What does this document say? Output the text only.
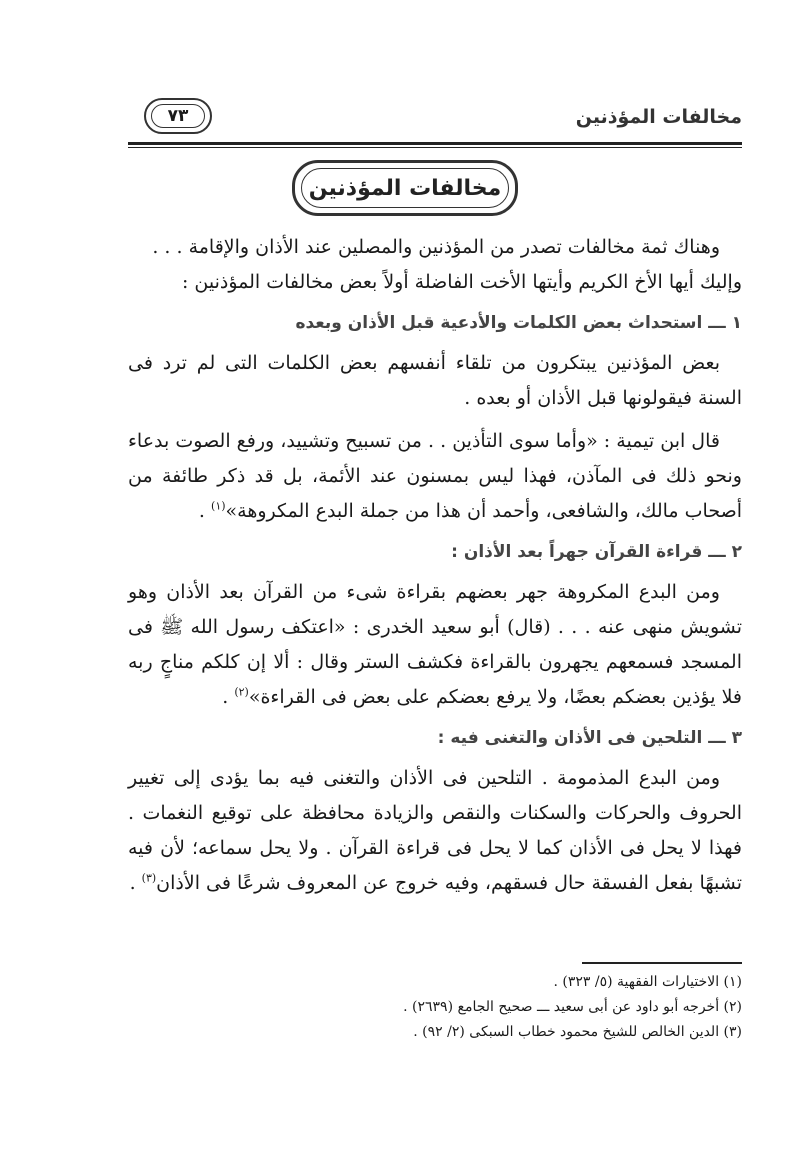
مخالفات المؤذنين
٧٣
مخالفات المؤذنين

وهناك ثمة مخالفات تصدر من المؤذنين والمصلين عند الأذان والإقامة . . .

وإليك أيها الأخ الكريم وأيتها الأخت الفاضلة أولاً بعض مخالفات المؤذنين :

١ ـــ استحداث بعض الكلمات والأدعية قبل الأذان وبعده

بعض المؤذنين يبتكرون من تلقاء أنفسهم بعض الكلمات التى لم ترد فى السنة فيقولونها قبل الأذان أو بعده .

قال ابن تيمية : «وأما سوى التأذين . . من تسبيح وتشييد، ورفع الصوت بدعاء ونحو ذلك فى المآذن، فهذا ليس بمسنون عند الأئمة، بل قد ذكر طائفة من أصحاب مالك، والشافعى، وأحمد أن هذا من جملة البدع المكروهة»$^{(١)}$ .

٢ ـــ قراءة القرآن جهراً بعد الأذان :

ومن البدع المكروهة جهر بعضهم بقراءة شىء من القرآن بعد الأذان وهو تشويش منهى عنه . . . (قال) أبو سعيد الخدرى : «اعتكف رسول الله ﷺ فى المسجد فسمعهم يجهرون بالقراءة فكشف الستر وقال : ألا إن كلكم مناجٍ ربه فلا يؤذين بعضكم بعضًا، ولا يرفع بعضكم على بعض فى القراءة»$^{(٢)}$ .

٣ ـــ التلحين فى الأذان والتغنى فيه :

ومن البدع المذمومة . التلحين فى الأذان والتغنى فيه بما يؤدى إلى تغيير الحروف والحركات والسكنات والنقص والزيادة محافظة على توقيع النغمات . فهذا لا يحل فى الأذان كما لا يحل فى قراءة القرآن . ولا يحل سماعه؛ لأن فيه تشبهًا بفعل الفسقة حال فسقهم، وفيه خروج عن المعروف شرعًا فى الأذان$^{(٣)}$ .

(١) الاختيارات الفقهية (٥/ ٣٢٣) .

(٢) أخرجه أبو داود عن أبى سعيد ـــ صحيح الجامع (٢٦٣٩) .

(٣) الدين الخالص للشيخ محمود خطاب السبكى (٢/ ٩٢) .
